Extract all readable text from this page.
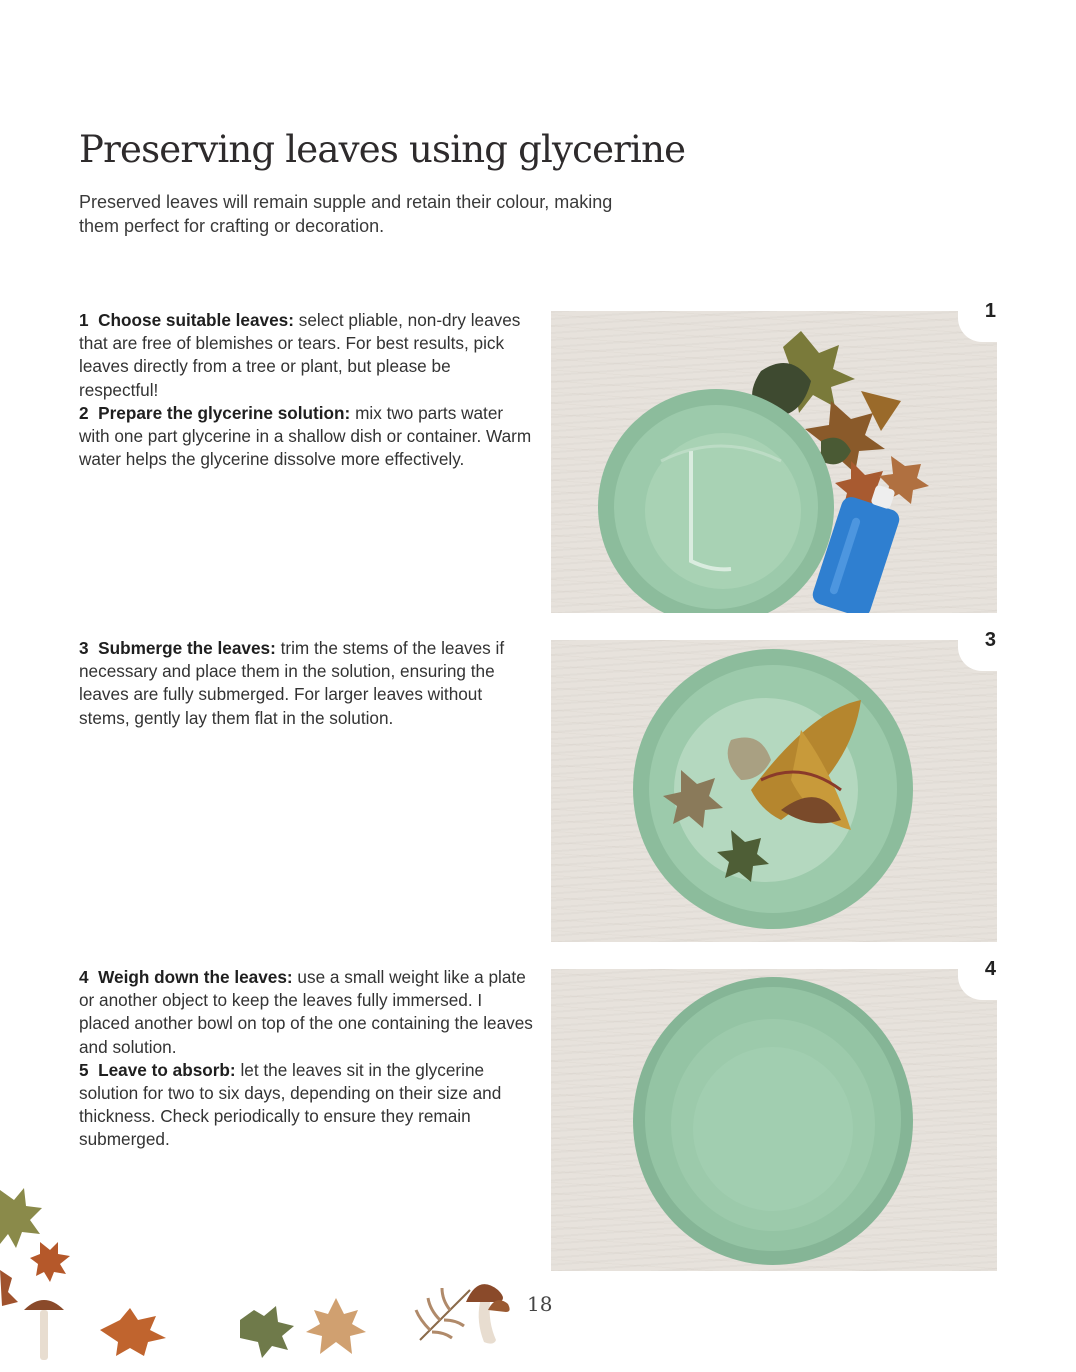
Preserving leaves using glycerine

Preserved leaves will remain supple and retain their colour, making them perfect for crafting or decoration.

1 Choose suitable leaves: select pliable, non-dry leaves that are free of blemishes or tears. For best results, pick leaves directly from a tree or plant, but please be respectful!

2 Prepare the glycerine solution: mix two parts water with one part glycerine in a shallow dish or container. Warm water helps the glycerine dissolve more effectively.

3 Submerge the leaves: trim the stems of the leaves if necessary and place them in the solution, ensuring the leaves are fully submerged. For larger leaves without stems, gently lay them flat in the solution.

4 Weigh down the leaves: use a small weight like a plate or another object to keep the leaves fully immersed. I placed another bowl on top of the one containing the leaves and solution.

5 Leave to absorb: let the leaves sit in the glycerine solution for two to six days, depending on their size and thickness. Check periodically to ensure they remain submerged.

1
3
4
18
